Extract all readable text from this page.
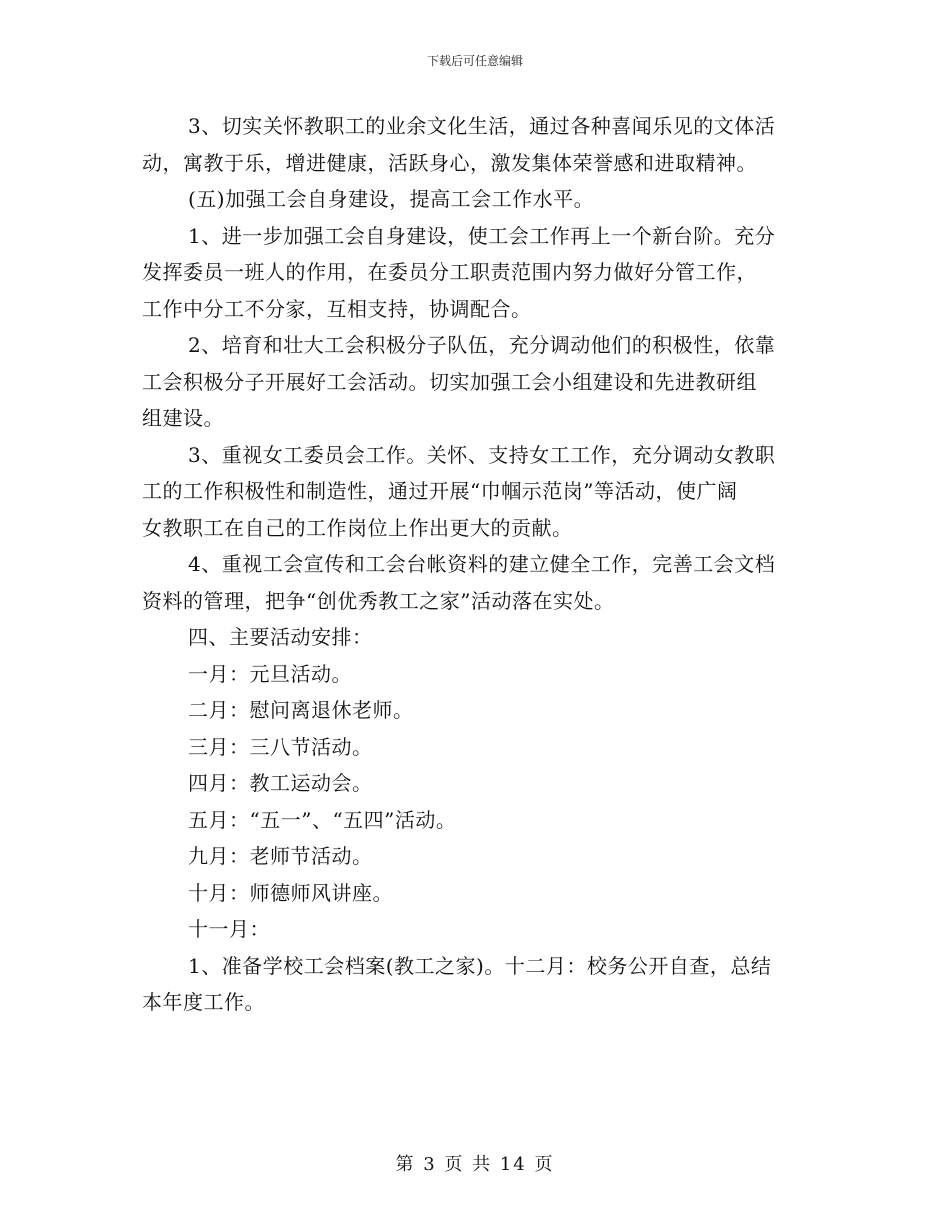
下载后可任意编辑
3、切实关怀教职工的业余文化生活，通过各种喜闻乐见的文体活
动，寓教于乐，增进健康，活跃身心，激发集体荣誉感和进取精神。
(五)加强工会自身建设，提高工会工作水平。
1、进一步加强工会自身建设，使工会工作再上一个新台阶。充分
发挥委员一班人的作用，在委员分工职责范围内努力做好分管工作，
工作中分工不分家，互相支持，协调配合。
2、培育和壮大工会积极分子队伍，充分调动他们的积极性，依靠
工会积极分子开展好工会活动。切实加强工会小组建设和先进教研组
组建设。
3、重视女工委员会工作。关怀、支持女工工作，充分调动女教职
工的工作积极性和制造性，通过开展“巾帼示范岗”等活动，使广阔
女教职工在自己的工作岗位上作出更大的贡献。
4、重视工会宣传和工会台帐资料的建立健全工作，完善工会文档
资料的管理，把争“创优秀教工之家”活动落在实处。
四、主要活动安排：
一月：元旦活动。
二月：慰问离退休老师。
三月：三八节活动。
四月：教工运动会。
五月：“五一”、“五四”活动。
九月：老师节活动。
十月：师德师风讲座。
十一月：
1、准备学校工会档案(教工之家)。十二月：校务公开自查，总结
本年度工作。
第 3 页 共 14 页
